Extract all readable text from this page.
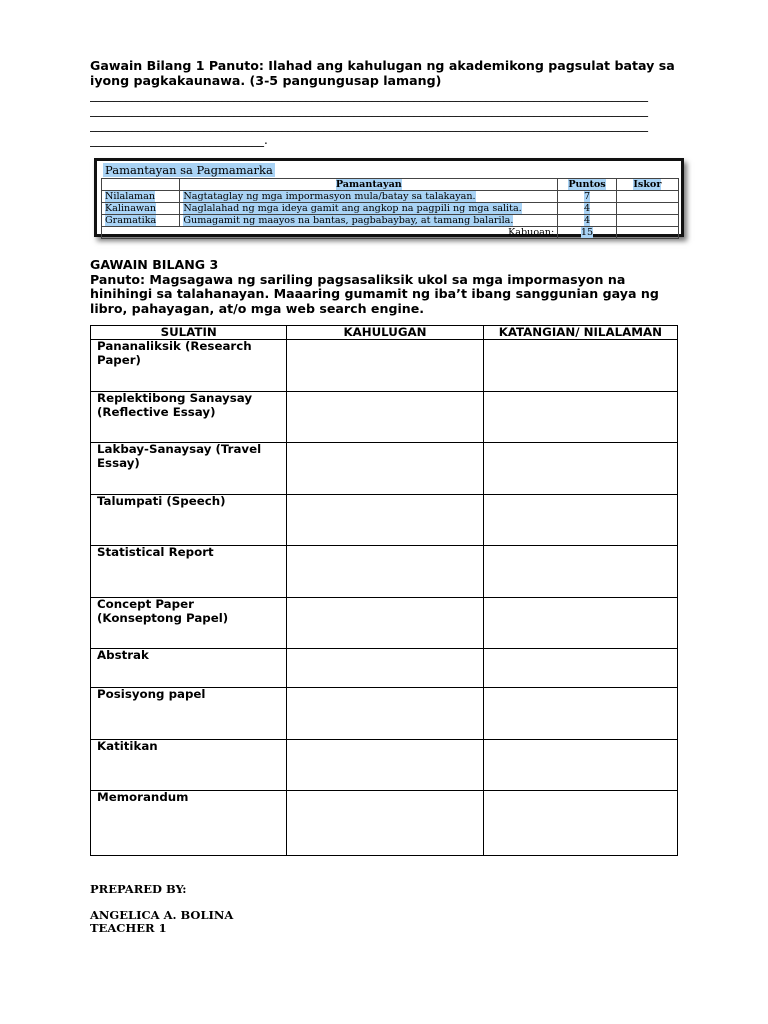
Gawain Bilang 1 Panuto: Ilahad ang kahulugan ng akademikong pagsulat batay sa iyong pagkakaunawa. (3-5 pangungusap lamang)
_____________________________________________________________________________________________
_____________________________________________________________________________________________
_____________________________________________________________________________________________
_____________________________.
Pamantayan sa Pagmamarka
	Pamantayan	Puntos	Iskor
Nilalaman	Nagtataglay ng mga impormasyon mula/batay sa talakayan.	7	
Kalinawan	Naglalahad ng mga ideya gamit ang angkop na pagpili ng mga salita.	4	
Gramatika	Gumagamit ng maayos na bantas, pagbabaybay, at tamang balarila.	4	
Kabuoan:		15	
GAWAIN BILANG 3
Panuto: Magsagawa ng sariling pagsasaliksik ukol sa mga impormasyon na hinihingi sa talahanayan. Maaaring gumamit ng iba’t ibang sanggunian gaya ng libro, pahayagan, at/o mga web search engine.
SULATIN	KAHULUGAN	KATANGIAN/ NILALAMAN
Pananaliksik (Research Paper)		
Replektibong Sanaysay (Reflective Essay)		
Lakbay-Sanaysay (Travel Essay)		
Talumpati (Speech)		
Statistical Report		
Concept Paper (Konseptong Papel)		
Abstrak		
Posisyong papel		
Katitikan		
Memorandum		
PREPARED BY:
ANGELICA A. BOLINA
TEACHER 1
